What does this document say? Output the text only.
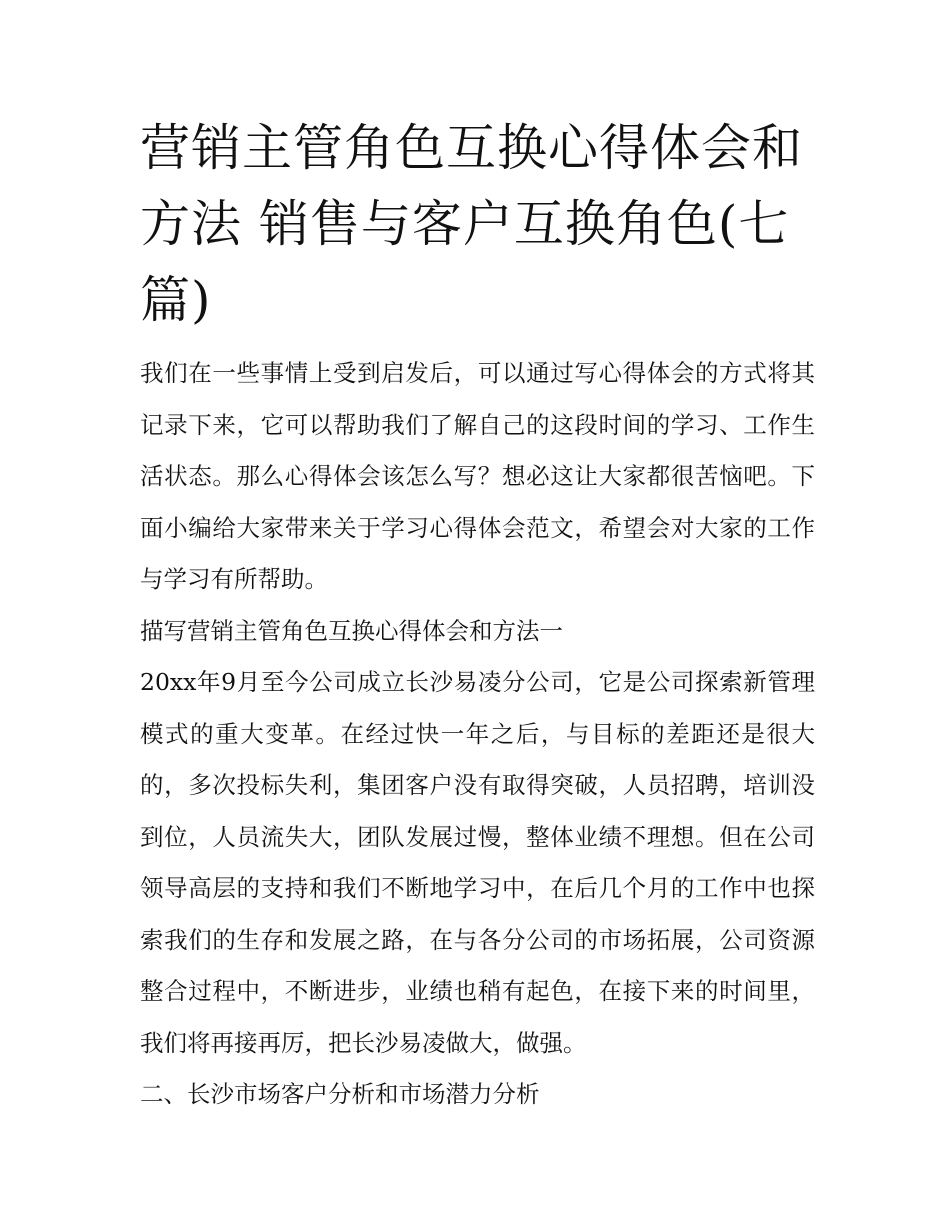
营销主管角色互换心得体会和方法 销售与客户互换角色(七篇)

我们在一些事情上受到启发后，可以通过写心得体会的方式将其记录下来，它可以帮助我们了解自己的这段时间的学习、工作生活状态。那么心得体会该怎么写？想必这让大家都很苦恼吧。下面小编给大家带来关于学习心得体会范文，希望会对大家的工作与学习有所帮助。

描写营销主管角色互换心得体会和方法一

20xx年9月至今公司成立长沙易凌分公司，它是公司探索新管理模式的重大变革。在经过快一年之后，与目标的差距还是很大的，多次投标失利，集团客户没有取得突破，人员招聘，培训没到位，人员流失大，团队发展过慢，整体业绩不理想。但在公司领导高层的支持和我们不断地学习中，在后几个月的工作中也探索我们的生存和发展之路，在与各分公司的市场拓展，公司资源整合过程中，不断进步，业绩也稍有起色，在接下来的时间里，我们将再接再厉，把长沙易凌做大，做强。

二、长沙市场客户分析和市场潜力分析
